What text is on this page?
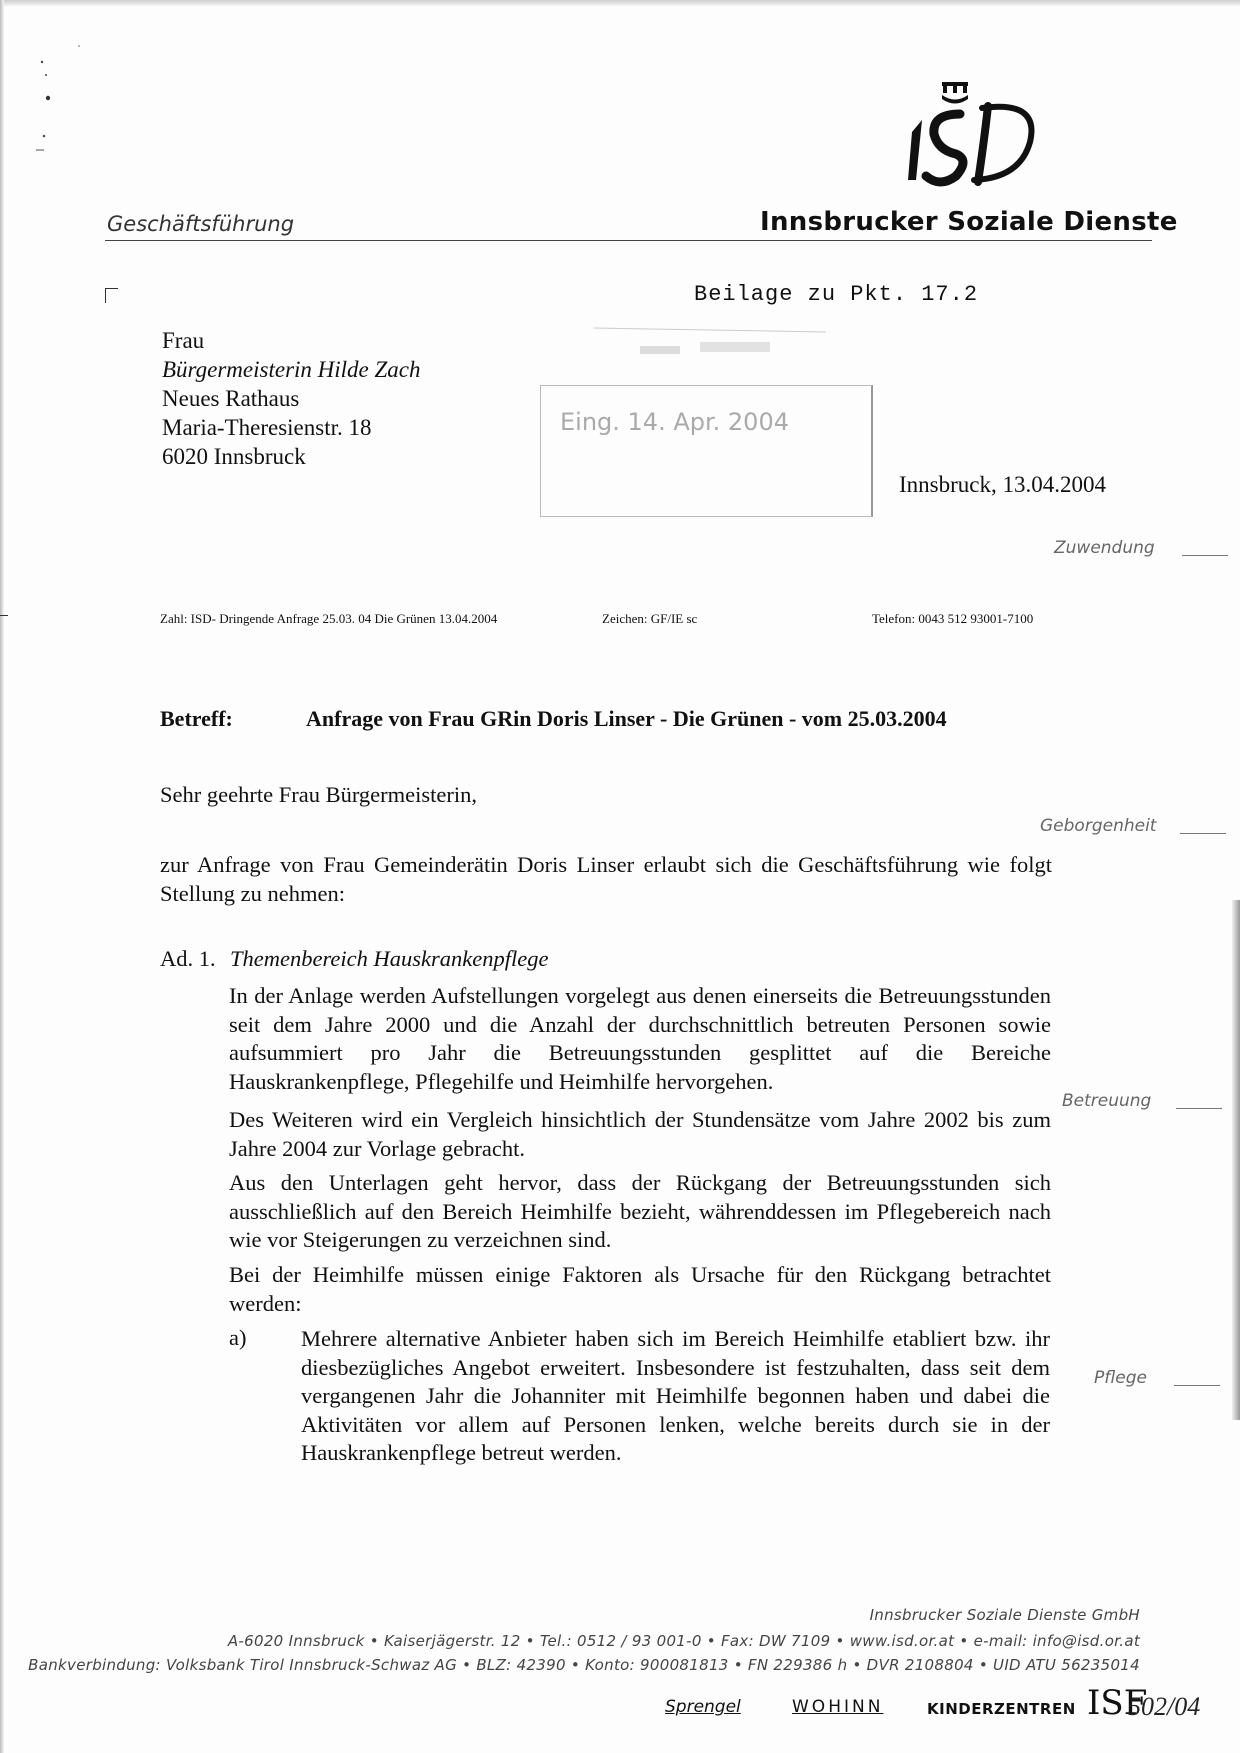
Geschäftsführung	Innsbrucker Soziale Dienste
Beilage zu Pkt. 17.2
Frau
Bürgermeisterin Hilde Zach
Neues Rathaus
Maria-Theresienstr. 18
6020 Innsbruck
Eing. 14. Apr. 2004
Innsbruck, 13.04.2004
Zuwendung
Geborgenheit
Betreuung
Pflege
Zahl: ISD- Dringende Anfrage 25.03. 04 Die Grünen 13.04.2004	Zeichen: GF/IE sc	Telefon: 0043 512 93001-7100
Betreff:	Anfrage von Frau GRin Doris Linser - Die Grünen - vom 25.03.2004
Sehr geehrte Frau Bürgermeisterin,

zur Anfrage von Frau Gemeinderätin Doris Linser erlaubt sich die Geschäftsführung wie folgt Stellung zu nehmen:

Ad. 1. Themenbereich Hauskrankenpflege

In der Anlage werden Aufstellungen vorgelegt aus denen einerseits die Betreuungsstunden seit dem Jahre 2000 und die Anzahl der durchschnittlich betreuten Personen sowie aufsummiert pro Jahr die Betreuungsstunden gesplittet auf die Bereiche Hauskrankenpflege, Pflegehilfe und Heimhilfe hervorgehen.

Des Weiteren wird ein Vergleich hinsichtlich der Stundensätze vom Jahre 2002 bis zum Jahre 2004 zur Vorlage gebracht.

Aus den Unterlagen geht hervor, dass der Rückgang der Betreuungsstunden sich ausschließlich auf den Bereich Heimhilfe bezieht, währenddessen im Pflegebereich nach wie vor Steigerungen zu verzeichnen sind.

Bei der Heimhilfe müssen einige Faktoren als Ursache für den Rückgang betrachtet werden:

a) Mehrere alternative Anbieter haben sich im Bereich Heimhilfe etabliert bzw. ihr diesbezügliches Angebot erweitert. Insbesondere ist festzuhalten, dass seit dem vergangenen Jahr die Johanniter mit Heimhilfe begonnen haben und dabei die Aktivitäten vor allem auf Personen lenken, welche bereits durch sie in der Hauskrankenpflege betreut werden.

Innsbrucker Soziale Dienste GmbH
A-6020 Innsbruck • Kaiserjägerstr. 12 • Tel.: 0512 / 93 001-0 • Fax: DW 7109 • www.isd.or.at • e-mail: info@isd.or.at
Bankverbindung: Volksbank Tirol Innsbruck-Schwaz AG • BLZ: 42390 • Konto: 900081813 • FN 229386 h • DVR 2108804 • UID ATU 56235014
Sprengel	WOHINN	KINDERZENTREN ISF
502/04
